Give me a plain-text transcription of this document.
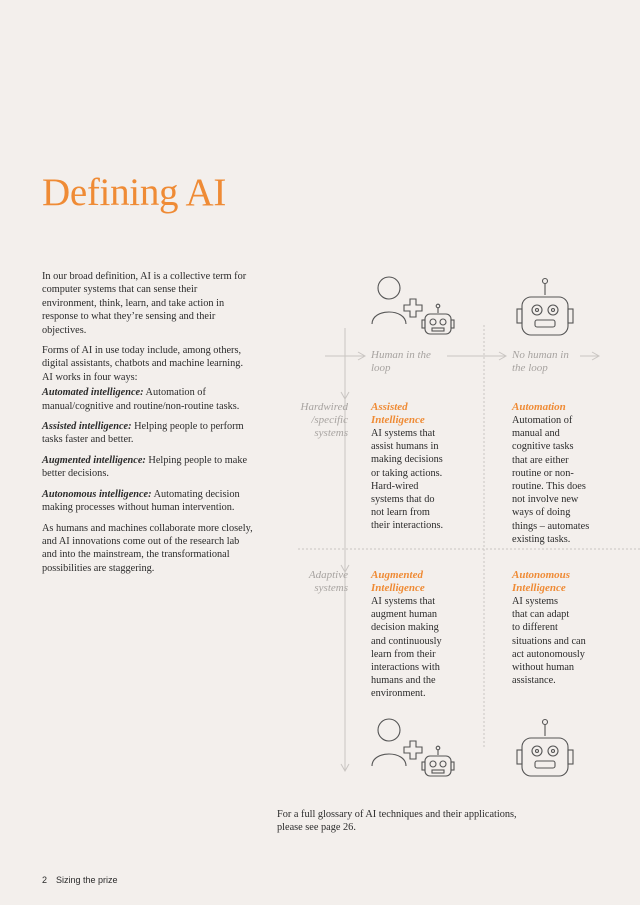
Defining AI

In our broad definition, AI is a collective term for computer systems that can sense their environment, think, learn, and take action in response to what they’re sensing and their objectives.

Forms of AI in use today include, among others, digital assistants, chatbots and machine learning. AI works in four ways:

Automated intelligence: Automation of manual/cognitive and routine/non-routine tasks.

Assisted intelligence: Helping people to perform tasks faster and better.

Augmented intelligence: Helping people to make better decisions.

Autonomous intelligence: Automating decision making processes without human intervention.

As humans and machines collaborate more closely, and AI innovations come out of the research lab and into the mainstream, the transformational possibilities are staggering.

Human in the
loop
No human in
the loop
Hardwired
/specific
systems
Adaptive
systems
Assisted
Intelligence
AI systems that
assist humans in
making decisions
or taking actions.
Hard-wired
systems that do
not learn from
their interactions.
Automation
Automation of
manual and
cognitive tasks
that are either
routine or non-
routine. This does
not involve new
ways of doing
things – automates
existing tasks.
Augmented
Intelligence
AI systems that
augment human
decision making
and continuously
learn from their
interactions with
humans and the
environment.
Autonomous
Intelligence
AI systems
that can adapt
to different
situations and can
act autonomously
without human
assistance.
For a full glossary of AI techniques and their applications,
please see page 26.
2 Sizing the prize
